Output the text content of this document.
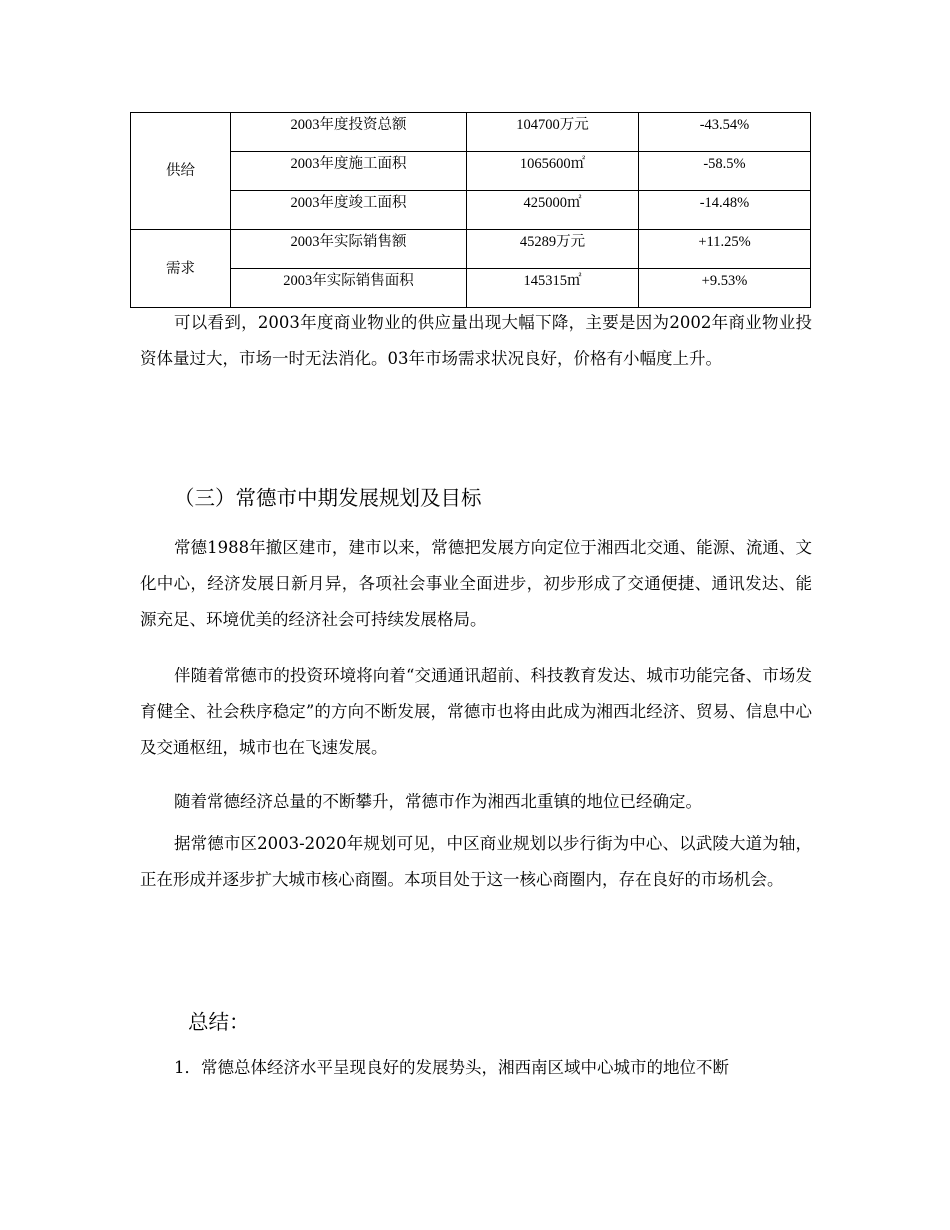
供给	2003年度投资总额	104700万元	-43.54%
	2003年度施工面积	1065600㎡	-58.5%
	2003年度竣工面积	425000㎡	-14.48%
需求	2003年实际销售额	45289万元	+11.25%
	2003年实际销售面积	145315㎡	+9.53%

可以看到，2003年度商业物业的供应量出现大幅下降，主要是因为2002年商业物业投资体量过大，市场一时无法消化。03年市场需求状况良好，价格有小幅度上升。

（三）常德市中期发展规划及目标

常德1988年撤区建市，建市以来，常德把发展方向定位于湘西北交通、能源、流通、文化中心，经济发展日新月异，各项社会事业全面进步，初步形成了交通便捷、通讯发达、能源充足、环境优美的经济社会可持续发展格局。

伴随着常德市的投资环境将向着“交通通讯超前、科技教育发达、城市功能完备、市场发育健全、社会秩序稳定”的方向不断发展，常德市也将由此成为湘西北经济、贸易、信息中心及交通枢纽，城市也在飞速发展。

随着常德经济总量的不断攀升，常德市作为湘西北重镇的地位已经确定。

据常德市区2003-2020年规划可见，中区商业规划以步行街为中心、以武陵大道为轴，正在形成并逐步扩大城市核心商圈。本项目处于这一核心商圈内，存在良好的市场机会。

总结：

1．常德总体经济水平呈现良好的发展势头，湘西南区域中心城市的地位不断
